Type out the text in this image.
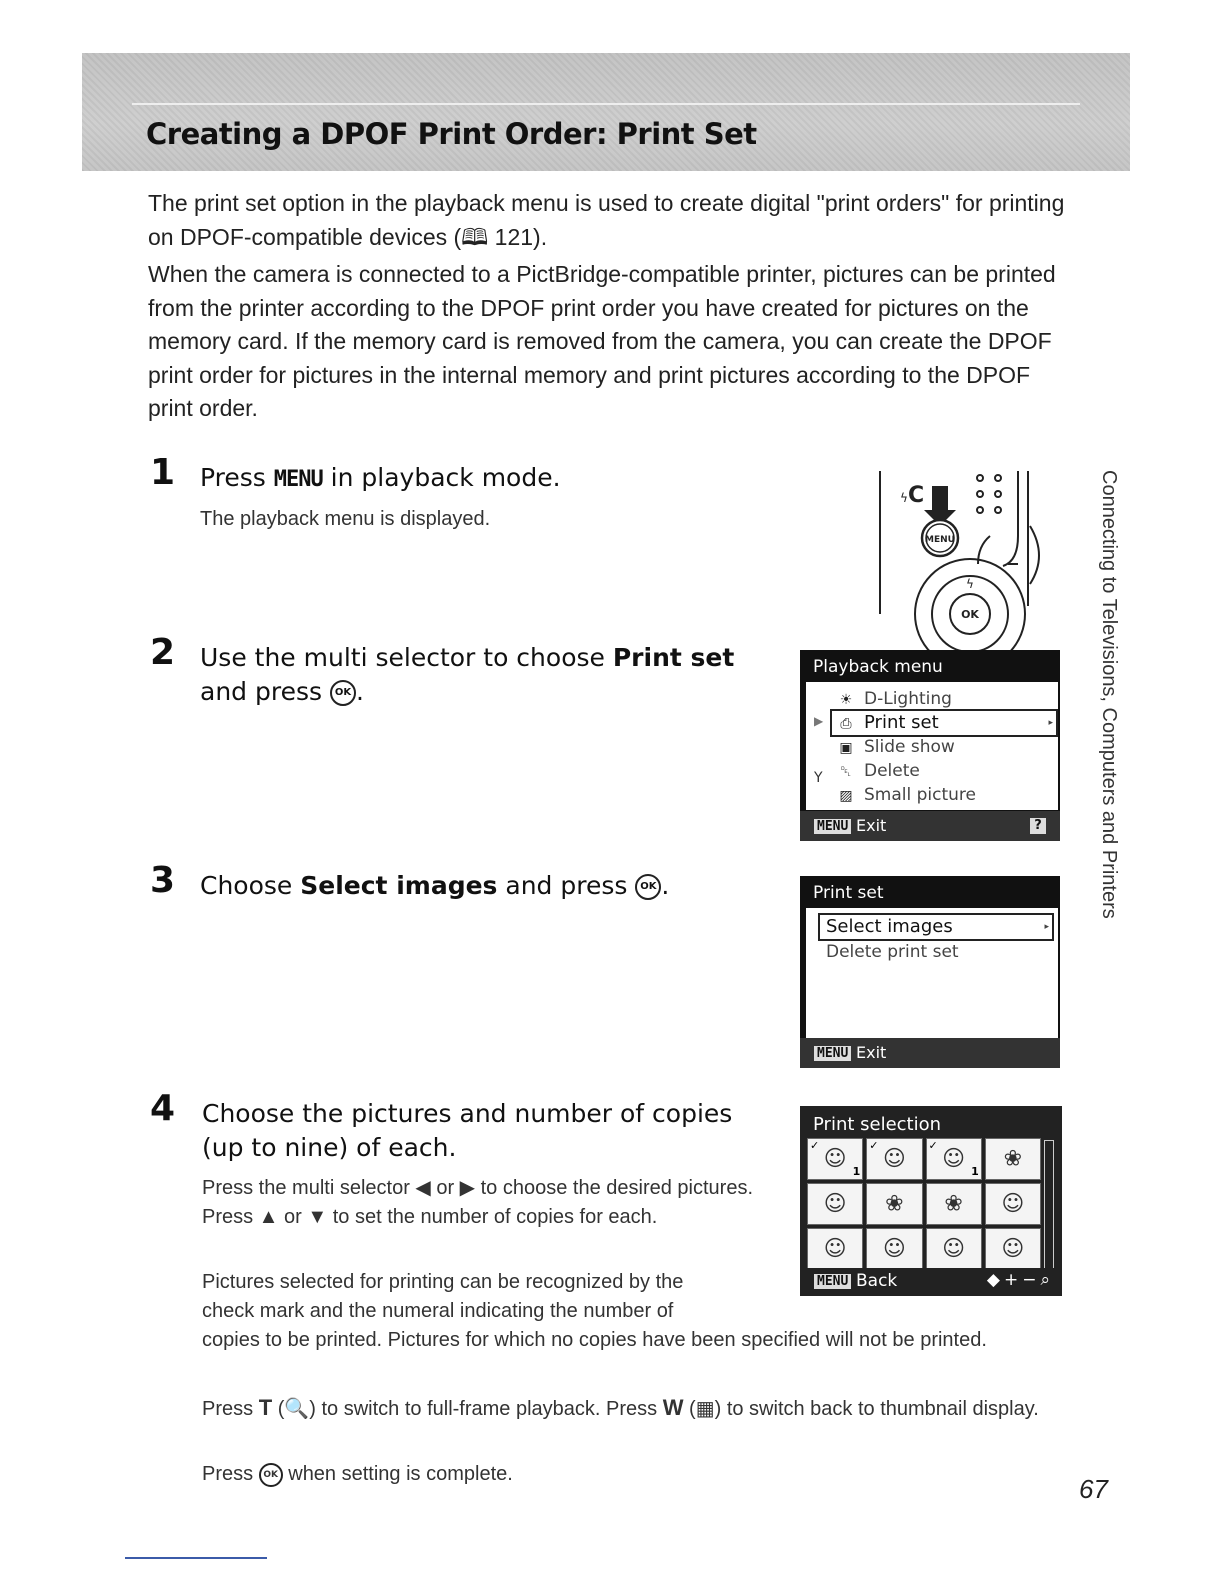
Creating a DPOF Print Order: Print Set

The print set option in the playback menu is used to create digital "print orders" for printing on DPOF-compatible devices (🕮 121).

When the camera is connected to a PictBridge-compatible printer, pictures can be printed from the printer according to the DPOF print order you have created for pictures on the memory card. If the memory card is removed from the camera, you can create the DPOF print order for pictures in the internal memory and print pictures according to the DPOF print order.

1 Press MENU in playback mode.
The playback menu is displayed.
C
ϟ
MENU
ϟ
OK
2 Use the multi selector to choose Print set and press OK .
Playback menu
▶
Y
☀ D-Lighting
⎙ Print set	▸
▣ Slide show
␡ Delete
▨ Small picture
MENU Exit	?
3 Choose Select images and press OK .	Print set
Select images	▸
Delete print set
MENU Exit
4 Choose the pictures and number of copies (up to nine) of each.
Press the multi selector ◀ or ▶ to choose the desired pictures. Press ▲ or ▼ to set the number of copies for each.
Pictures selected for printing can be recognized by the
check mark and the numeral indicating the number of
copies to be printed. Pictures for which no copies have been specified will not be printed.
Press T (🔍) to switch to full-frame playback. Press W (▦) to switch back to thumbnail display.
Press OK when setting is complete.
Print selection
✓
☺ 1
✓
☺
✓
☺ 1 ❀
☺ ❀ ❀ ☺
☺ ☺ ☺ ☺
MENU Back	◆+−⌕
Connecting to Televisions, Computers and Printers
67
